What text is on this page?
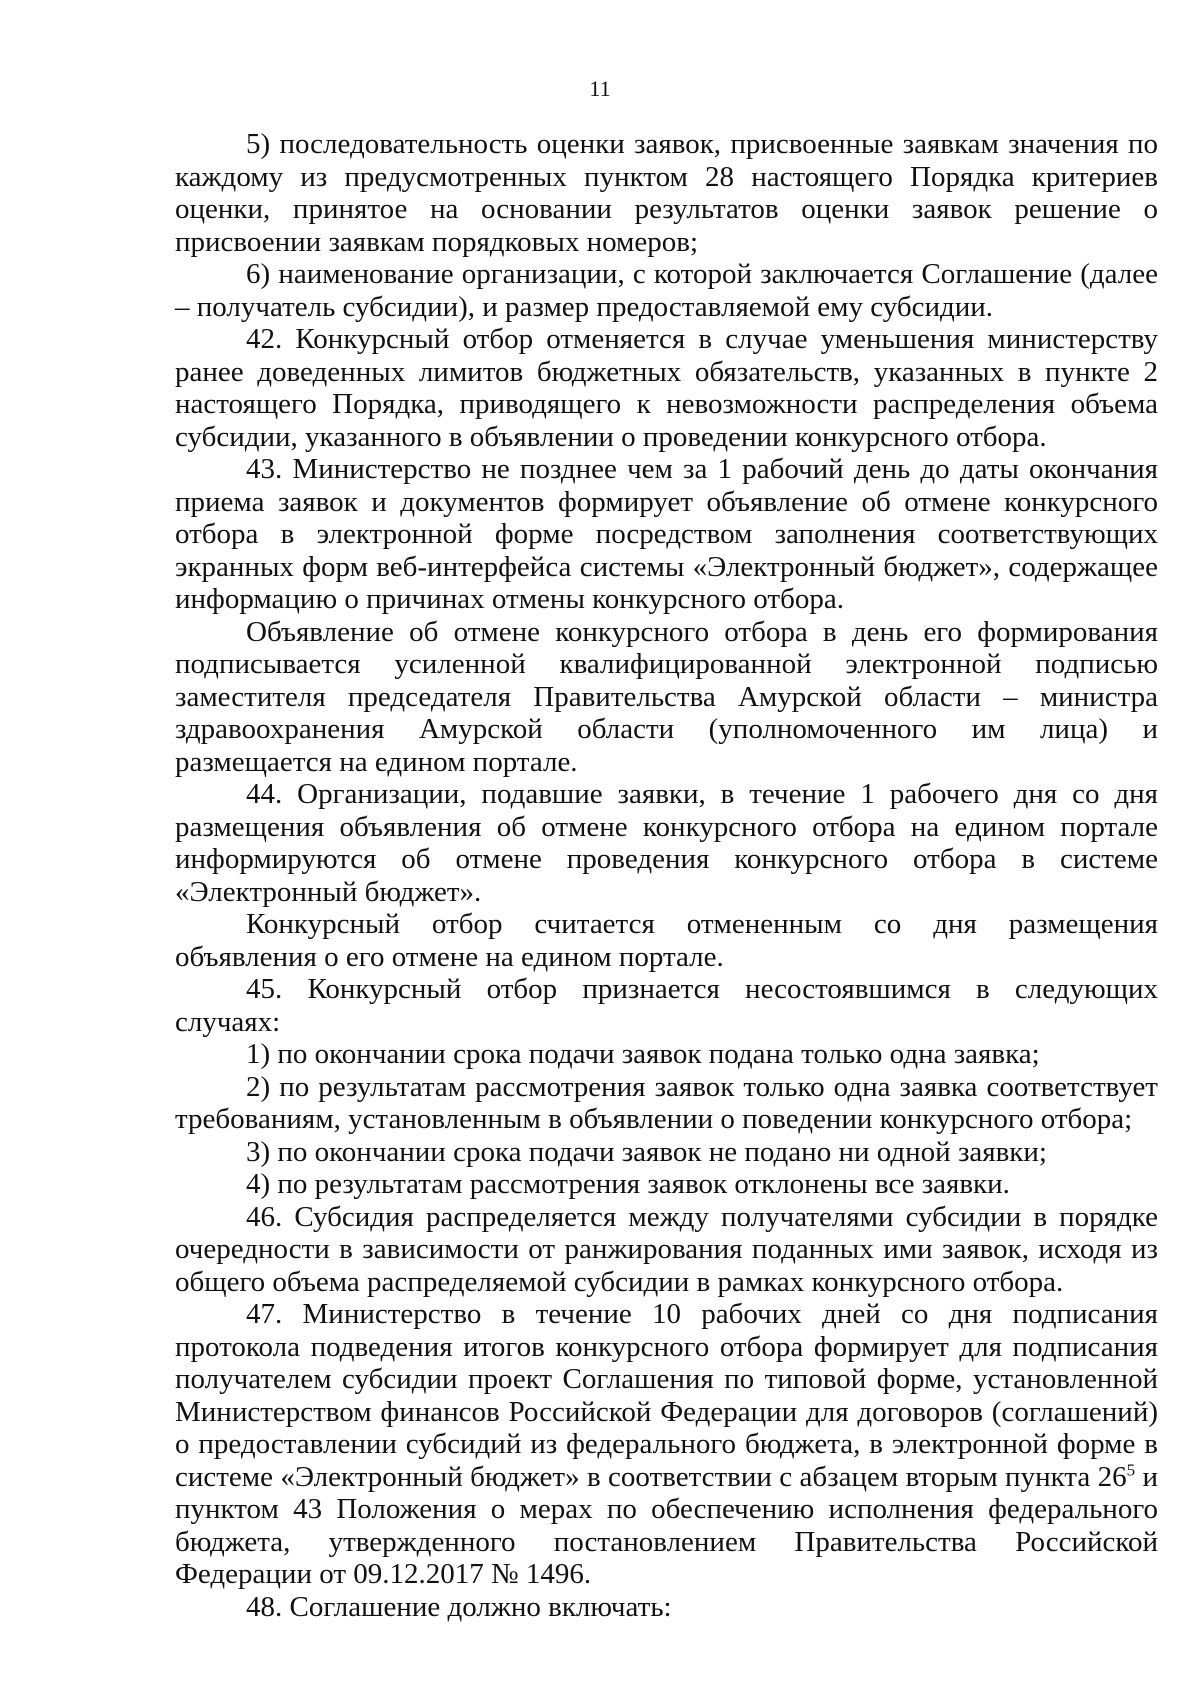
11

5) последовательность оценки заявок, присвоенные заявкам значения по каждому из предусмотренных пунктом 28 настоящего Порядка критериев оценки, принятое на основании результатов оценки заявок решение о присвоении заявкам порядковых номеров;

6) наименование организации, с которой заключается Соглашение (далее – получатель субсидии), и размер предоставляемой ему субсидии.

42. Конкурсный отбор отменяется в случае уменьшения министерству ранее доведенных лимитов бюджетных обязательств, указанных в пункте 2 настоящего Порядка, приводящего к невозможности распределения объема субсидии, указанного в объявлении о проведении конкурсного отбора.

43. Министерство не позднее чем за 1 рабочий день до даты окончания приема заявок и документов формирует объявление об отмене конкурсного отбора в электронной форме посредством заполнения соответствующих экранных форм веб-интерфейса системы «Электронный бюджет», содержащее информацию о причинах отмены конкурсного отбора.

Объявление об отмене конкурсного отбора в день его формирования подписывается усиленной квалифицированной электронной подписью заместителя председателя Правительства Амурской области – министра здравоохранения Амурской области (уполномоченного им лица) и размещается на едином портале.

44. Организации, подавшие заявки, в течение 1 рабочего дня со дня размещения объявления об отмене конкурсного отбора на едином портале информируются об отмене проведения конкурсного отбора в системе «Электронный бюджет».

Конкурсный отбор считается отмененным со дня размещения объявления о его отмене на едином портале.

45. Конкурсный отбор признается несостоявшимся в следующих случаях:

1) по окончании срока подачи заявок подана только одна заявка;

2) по результатам рассмотрения заявок только одна заявка соответствует требованиям, установленным в объявлении о поведении конкурсного отбора;

3) по окончании срока подачи заявок не подано ни одной заявки;

4) по результатам рассмотрения заявок отклонены все заявки.

46. Субсидия распределяется между получателями субсидии в порядке очередности в зависимости от ранжирования поданных ими заявок, исходя из общего объема распределяемой субсидии в рамках конкурсного отбора.

47. Министерство в течение 10 рабочих дней со дня подписания протокола подведения итогов конкурсного отбора формирует для подписания получателем субсидии проект Соглашения по типовой форме, установленной Министерством финансов Российской Федерации для договоров (соглашений) о предоставлении субсидий из федерального бюджета, в электронной форме в системе «Электронный бюджет» в соответствии с абзацем вторым пункта $26^5$ и пунктом 43 Положения о мерах по обеспечению исполнения федерального бюджета, утвержденного постановлением Правительства Российской Федерации от 09.12.2017 № 1496.

48. Соглашение должно включать:
